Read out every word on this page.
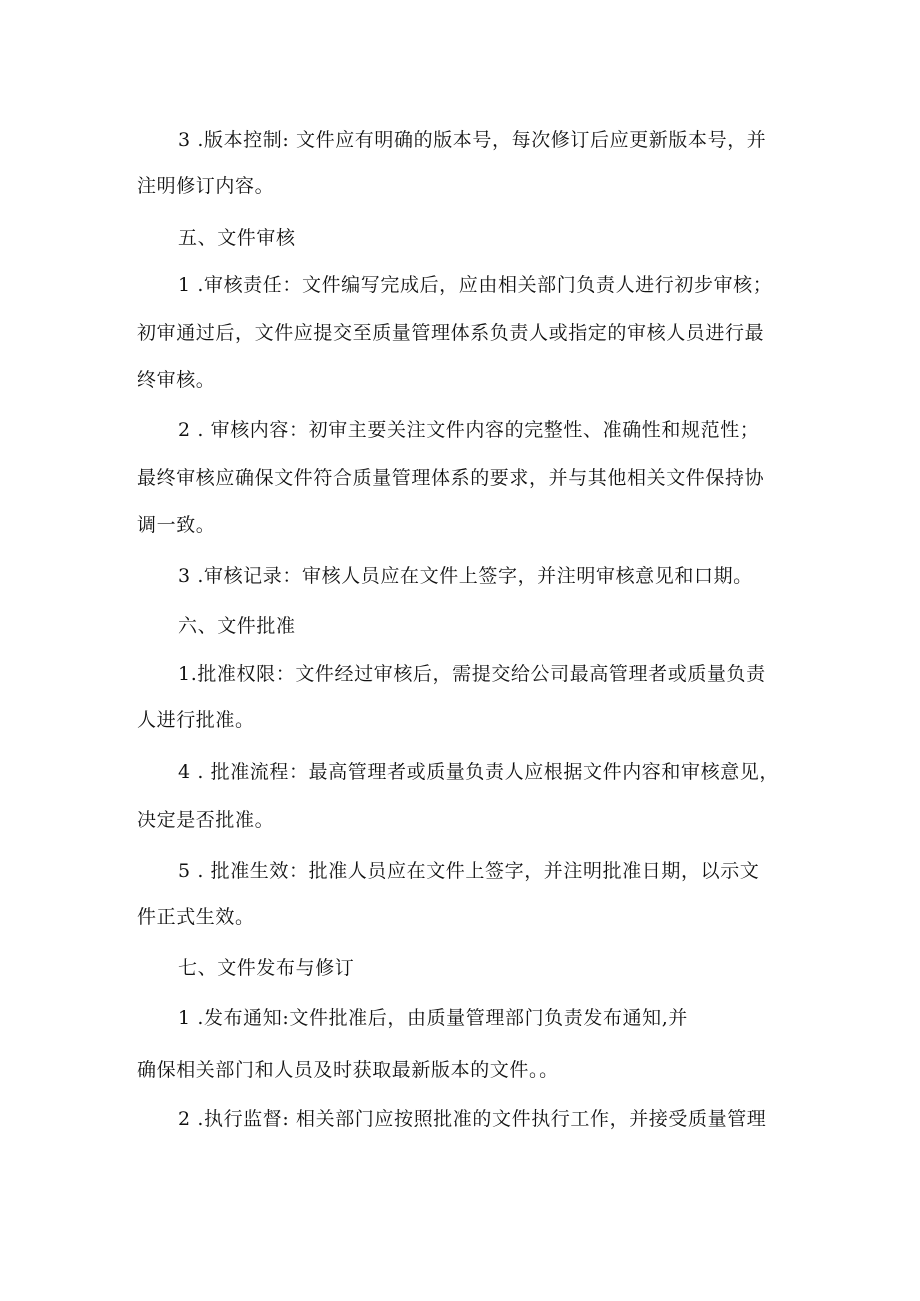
3 .版本控制: 文件应有明确的版本号，每次修订后应更新版本号，并

注明修订内容。

五、文件审核

1 .审核责任：文件编写完成后，应由相关部门负责人进行初步审核；

初审通过后，文件应提交至质量管理体系负责人或指定的审核人员进行最

终审核。

2 . 审核内容：初审主要关注文件内容的完整性、准确性和规范性；

最终审核应确保文件符合质量管理体系的要求，并与其他相关文件保持协

调一致。

3 .审核记录：审核人员应在文件上签字，并注明审核意见和口期。

六、文件批准

1.批准权限：文件经过审核后，需提交给公司最高管理者或质量负责

人进行批准。

4 . 批准流程：最高管理者或质量负责人应根据文件内容和审核意见，

决定是否批准。

5 . 批准生效：批准人员应在文件上签字，并注明批准日期，以示文

件正式生效。

七、文件发布与修订

1 .发布通知:文件批准后，由质量管理部门负责发布通知,并

确保相关部门和人员及时获取最新版本的文件。。

2 .执行监督: 相关部门应按照批准的文件执行工作，并接受质量管理
